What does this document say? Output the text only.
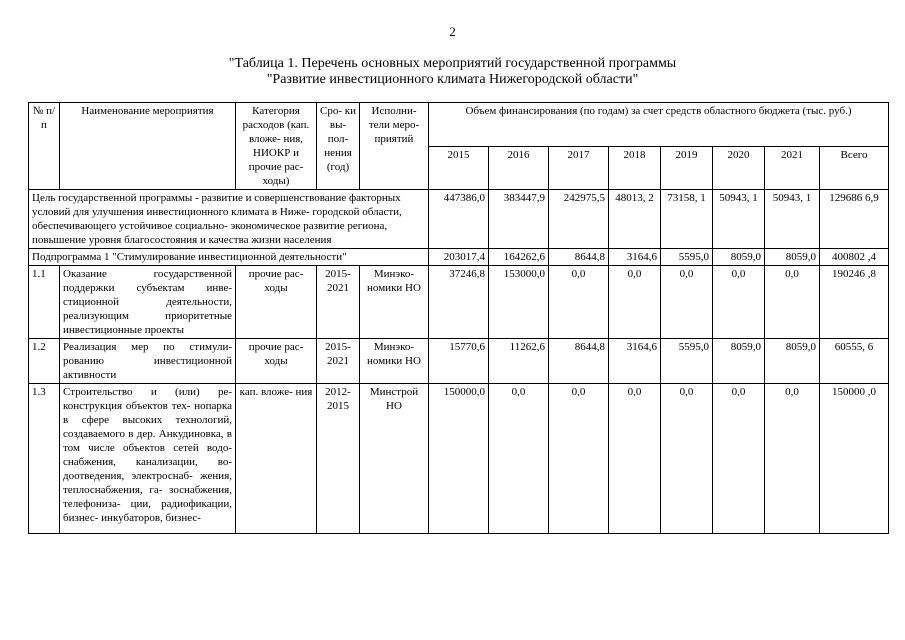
2
"Таблица 1. Перечень основных мероприятий государственной программы
"Развитие инвестиционного климата Нижегородской области"
№ п/п	Наименование мероприятия	Категория расходов (кап. вложе- ния, НИОКР и прочие рас- ходы)	Сро- ки вы- пол- нения (год)	Исполни- тели меро- приятий	Объем финансирования (по годам) за счет средств областного бюджета (тыс. руб.)							
					2015	2016	2017	2018	2019	2020	2021	Всего
Цель государственной программы - развитие и совершенствование факторных условий для улучшения инвестиционного климата в Ниже- городской области, обеспечивающего устойчивое социально- экономическое развитие региона, повышение уровня благосостояния и качества жизни населения					447386,0	383447,9	242975,5	48013, 2	73158, 1	50943, 1	50943, 1	129686 6,9
Подпрограмма 1 "Стимулирование инвестиционной деятельности"					203017,4	164262,6	8644,8	3164,6	5595,0	8059,0	8059,0	400802 ,4
1.1	Оказание государственной поддержки субъектам инве- стиционной деятельности, реализующим приоритетные инвестиционные проекты	прочие рас- ходы	2015- 2021	Минэко- номики НО	37246,8	153000,0	0,0	0,0	0,0	0,0	0,0	190246 ,8
1.2	Реализация мер по стимули- рованию инвестиционной активности	прочие рас- ходы	2015- 2021	Минэко- номики НО	15770,6	11262,6	8644,8	3164,6	5595,0	8059,0	8059,0	60555, 6
1.3	Строительство и (или) ре- конструкция объектов тех- нопарка в сфере высоких технологий, создаваемого в дер. Анкудиновка, в том числе объектов сетей водо- снабжения, канализации, во- доотведения, электроснаб- жения, теплоснабжения, га- зоснабжения, телефониза- ции, радиофикации, бизнес- инкубаторов, бизнес-	кап. вложе- ния	2012- 2015	Минстрой НО	150000,0	0,0	0,0	0,0	0,0	0,0	0,0	150000 ,0
